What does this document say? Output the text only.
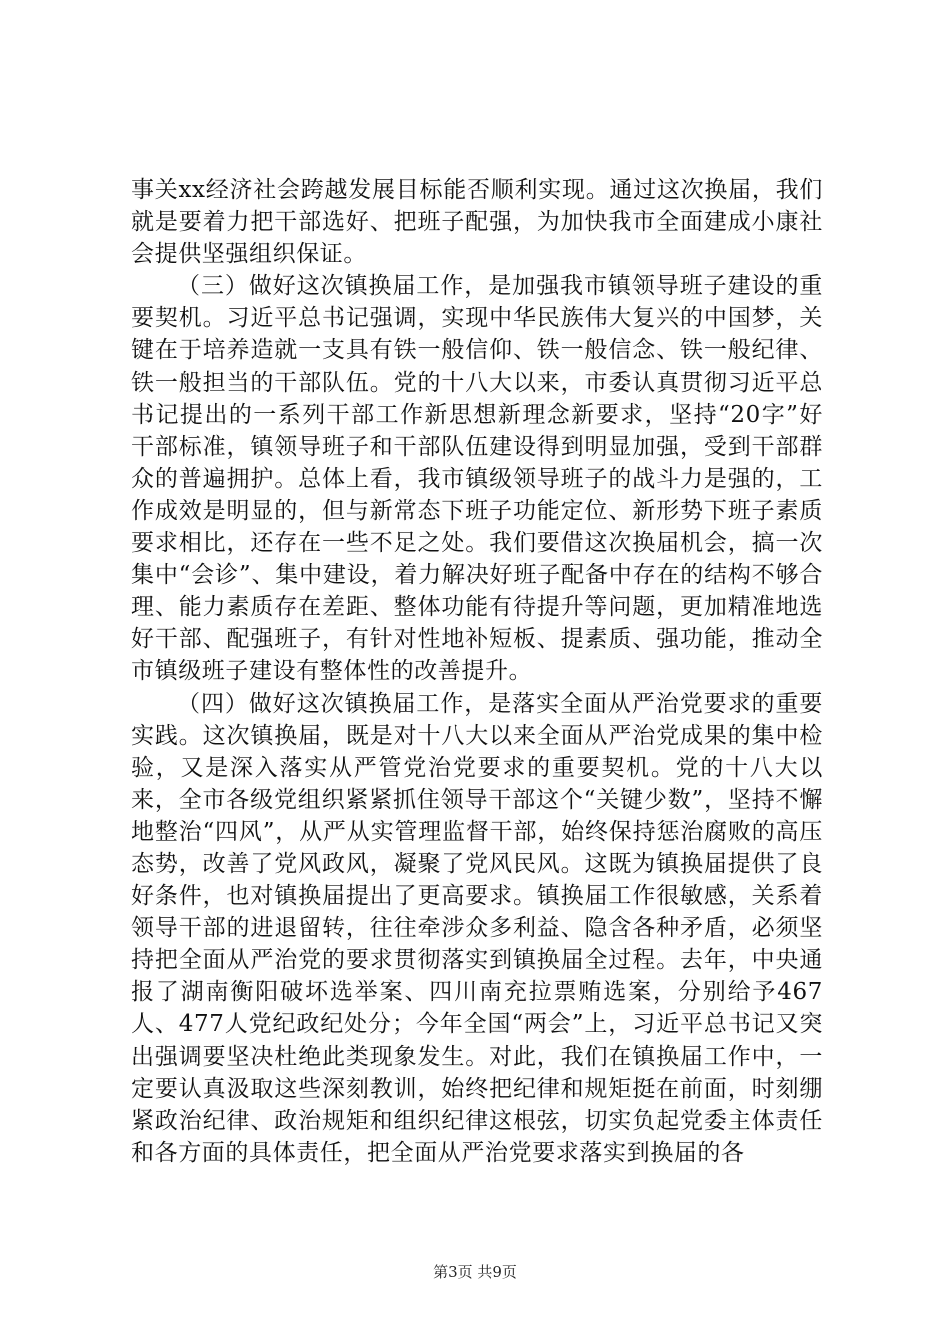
事关xx经济社会跨越发展目标能否顺利实现。通过这次换届，我们就是要着力把干部选好、把班子配强，为加快我市全面建成小康社会提供坚强组织保证。

（三）做好这次镇换届工作，是加强我市镇领导班子建设的重要契机。习近平总书记强调，实现中华民族伟大复兴的中国梦，关键在于培养造就一支具有铁一般信仰、铁一般信念、铁一般纪律、铁一般担当的干部队伍。党的十八大以来，市委认真贯彻习近平总书记提出的一系列干部工作新思想新理念新要求，坚持“20字”好干部标准，镇领导班子和干部队伍建设得到明显加强，受到干部群众的普遍拥护。总体上看，我市镇级领导班子的战斗力是强的，工作成效是明显的，但与新常态下班子功能定位、新形势下班子素质要求相比，还存在一些不足之处。我们要借这次换届机会，搞一次集中“会诊”、集中建设，着力解决好班子配备中存在的结构不够合理、能力素质存在差距、整体功能有待提升等问题，更加精准地选好干部、配强班子，有针对性地补短板、提素质、强功能，推动全市镇级班子建设有整体性的改善提升。

（四）做好这次镇换届工作，是落实全面从严治党要求的重要实践。这次镇换届，既是对十八大以来全面从严治党成果的集中检验，又是深入落实从严管党治党要求的重要契机。党的十八大以来，全市各级党组织紧紧抓住领导干部这个“关键少数”，坚持不懈地整治“四风”，从严从实管理监督干部，始终保持惩治腐败的高压态势，改善了党风政风，凝聚了党风民风。这既为镇换届提供了良好条件，也对镇换届提出了更高要求。镇换届工作很敏感，关系着领导干部的进退留转，往往牵涉众多利益、隐含各种矛盾，必须坚持把全面从严治党的要求贯彻落实到镇换届全过程。去年，中央通报了湖南衡阳破坏选举案、四川南充拉票贿选案，分别给予467人、477人党纪政纪处分；今年全国“两会”上，习近平总书记又突出强调要坚决杜绝此类现象发生。对此，我们在镇换届工作中，一定要认真汲取这些深刻教训，始终把纪律和规矩挺在前面，时刻绷紧政治纪律、政治规矩和组织纪律这根弦，切实负起党委主体责任和各方面的具体责任，把全面从严治党要求落实到换届的各

第3页 共9页
